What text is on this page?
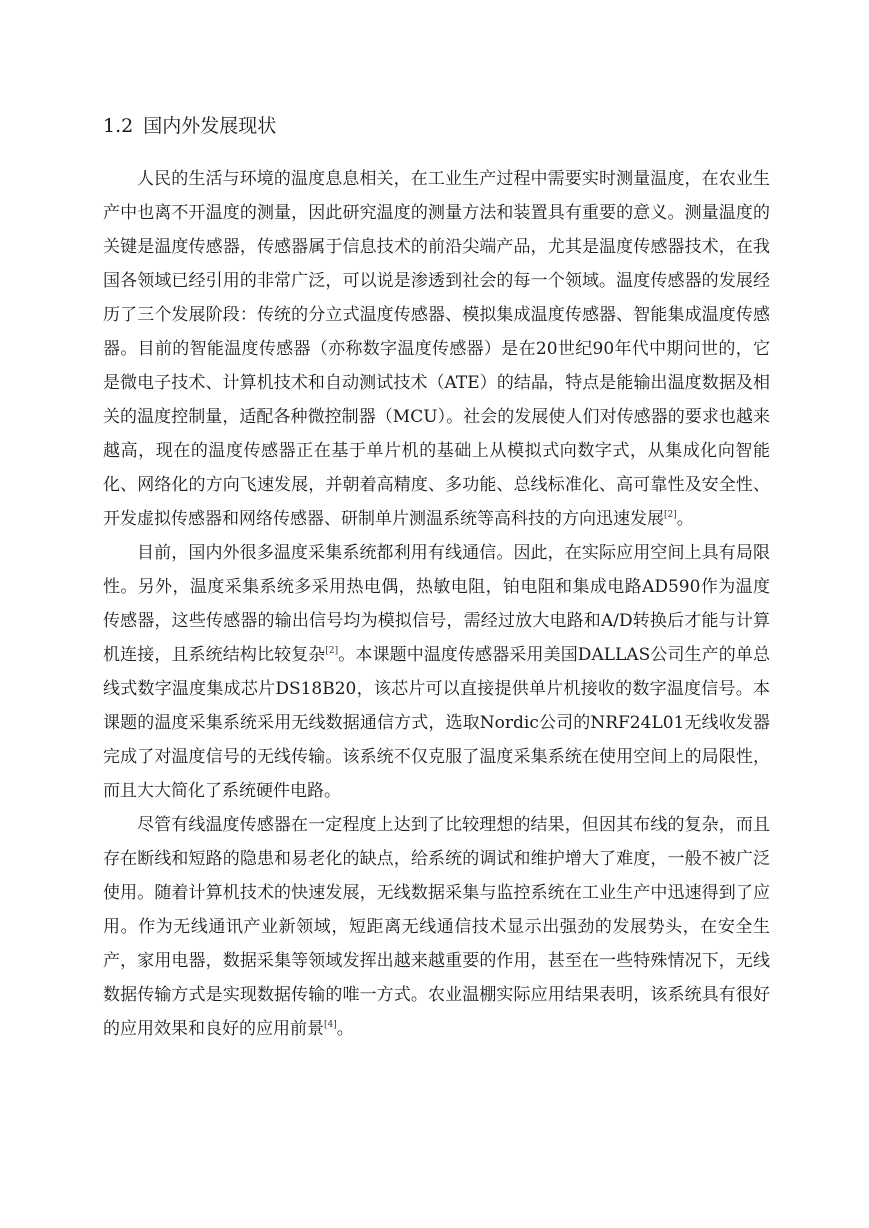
1.2 国内外发展现状

人民的生活与环境的温度息息相关，在工业生产过程中需要实时测量温度，在农业生产中也离不开温度的测量，因此研究温度的测量方法和装置具有重要的意义。测量温度的关键是温度传感器，传感器属于信息技术的前沿尖端产品，尤其是温度传感器技术，在我国各领域已经引用的非常广泛，可以说是渗透到社会的每一个领域。温度传感器的发展经历了三个发展阶段：传统的分立式温度传感器、模拟集成温度传感器、智能集成温度传感器。目前的智能温度传感器（亦称数字温度传感器）是在20世纪90年代中期问世的，它是微电子技术、计算机技术和自动测试技术（ATE）的结晶，特点是能输出温度数据及相关的温度控制量，适配各种微控制器（MCU）。社会的发展使人们对传感器的要求也越来越高，现在的温度传感器正在基于单片机的基础上从模拟式向数字式，从集成化向智能化、网络化的方向飞速发展，并朝着高精度、多功能、总线标准化、高可靠性及安全性、开发虚拟传感器和网络传感器、研制单片测温系统等高科技的方向迅速发展[2]。

目前，国内外很多温度采集系统都利用有线通信。因此，在实际应用空间上具有局限性。另外，温度采集系统多采用热电偶，热敏电阻，铂电阻和集成电路AD590作为温度传感器，这些传感器的输出信号均为模拟信号，需经过放大电路和A/D转换后才能与计算机连接，且系统结构比较复杂[2]。本课题中温度传感器采用美国DALLAS公司生产的单总线式数字温度集成芯片DS18B20，该芯片可以直接提供单片机接收的数字温度信号。本课题的温度采集系统采用无线数据通信方式，选取Nordic公司的NRF24L01无线收发器完成了对温度信号的无线传输。该系统不仅克服了温度采集系统在使用空间上的局限性，而且大大简化了系统硬件电路。

尽管有线温度传感器在一定程度上达到了比较理想的结果，但因其布线的复杂，而且存在断线和短路的隐患和易老化的缺点，给系统的调试和维护增大了难度，一般不被广泛使用。随着计算机技术的快速发展，无线数据采集与监控系统在工业生产中迅速得到了应用。作为无线通讯产业新领域，短距离无线通信技术显示出强劲的发展势头，在安全生产，家用电器，数据采集等领域发挥出越来越重要的作用，甚至在一些特殊情况下，无线数据传输方式是实现数据传输的唯一方式。农业温棚实际应用结果表明，该系统具有很好的应用效果和良好的应用前景[4]。
